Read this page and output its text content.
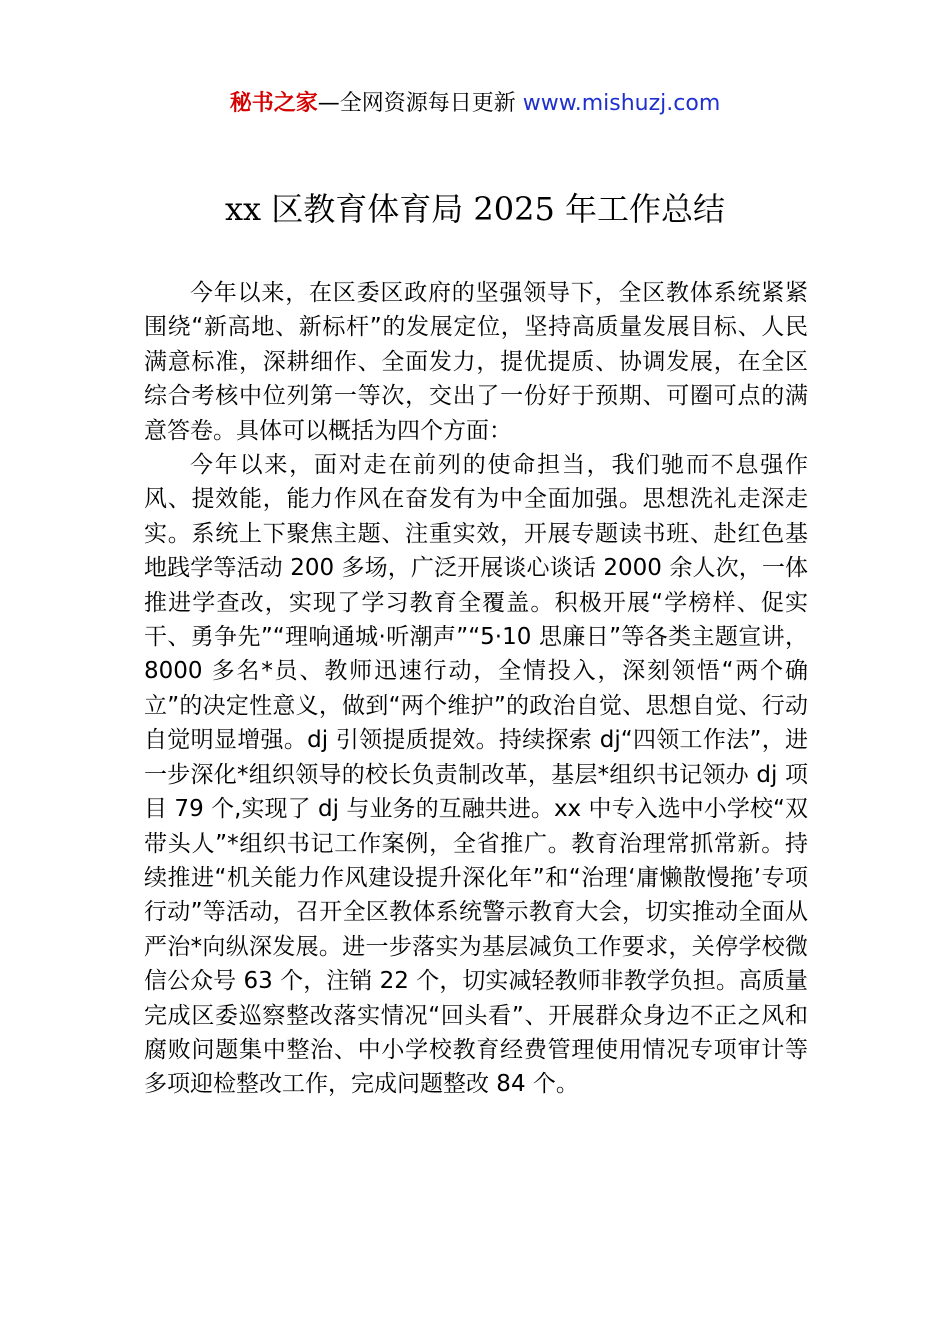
秘书之家—全网资源每日更新 www.mishuzj.com
xx 区教育体育局 2025 年工作总结

今年以来，在区委区政府的坚强领导下，全区教体系统紧紧围绕“新高地、新标杆”的发展定位，坚持高质量发展目标、人民满意标准，深耕细作、全面发力，提优提质、协调发展，在全区综合考核中位列第一等次，交出了一份好于预期、可圈可点的满意答卷。具体可以概括为四个方面：

今年以来，面对走在前列的使命担当，我们驰而不息强作风、提效能，能力作风在奋发有为中全面加强。思想洗礼走深走实。系统上下聚焦主题、注重实效，开展专题读书班、赴红色基地践学等活动 200 多场，广泛开展谈心谈话 2000 余人次，一体推进学查改，实现了学习教育全覆盖。积极开展“学榜样、促实干、勇争先”“理响通城·听潮声”“5·10 思廉日”等各类主题宣讲，8000 多名*员、教师迅速行动，全情投入，深刻领悟“两个确立”的决定性意义，做到“两个维护”的政治自觉、思想自觉、行动自觉明显增强。dj 引领提质提效。持续探索 dj“四领工作法”，进一步深化*组织领导的校长负责制改革，基层*组织书记领办 dj 项目 79 个,实现了 dj 与业务的互融共进。xx 中专入选中小学校“双带头人”*组织书记工作案例，全省推广。教育治理常抓常新。持续推进“机关能力作风建设提升深化年”和“治理‘庸懒散慢拖’专项行动”等活动，召开全区教体系统警示教育大会，切实推动全面从严治*向纵深发展。进一步落实为基层减负工作要求，关停学校微信公众号 63 个，注销 22 个，切实减轻教师非教学负担。高质量完成区委巡察整改落实情况“回头看”、开展群众身边不正之风和腐败问题集中整治、中小学校教育经费管理使用情况专项审计等多项迎检整改工作，完成问题整改 84 个。
